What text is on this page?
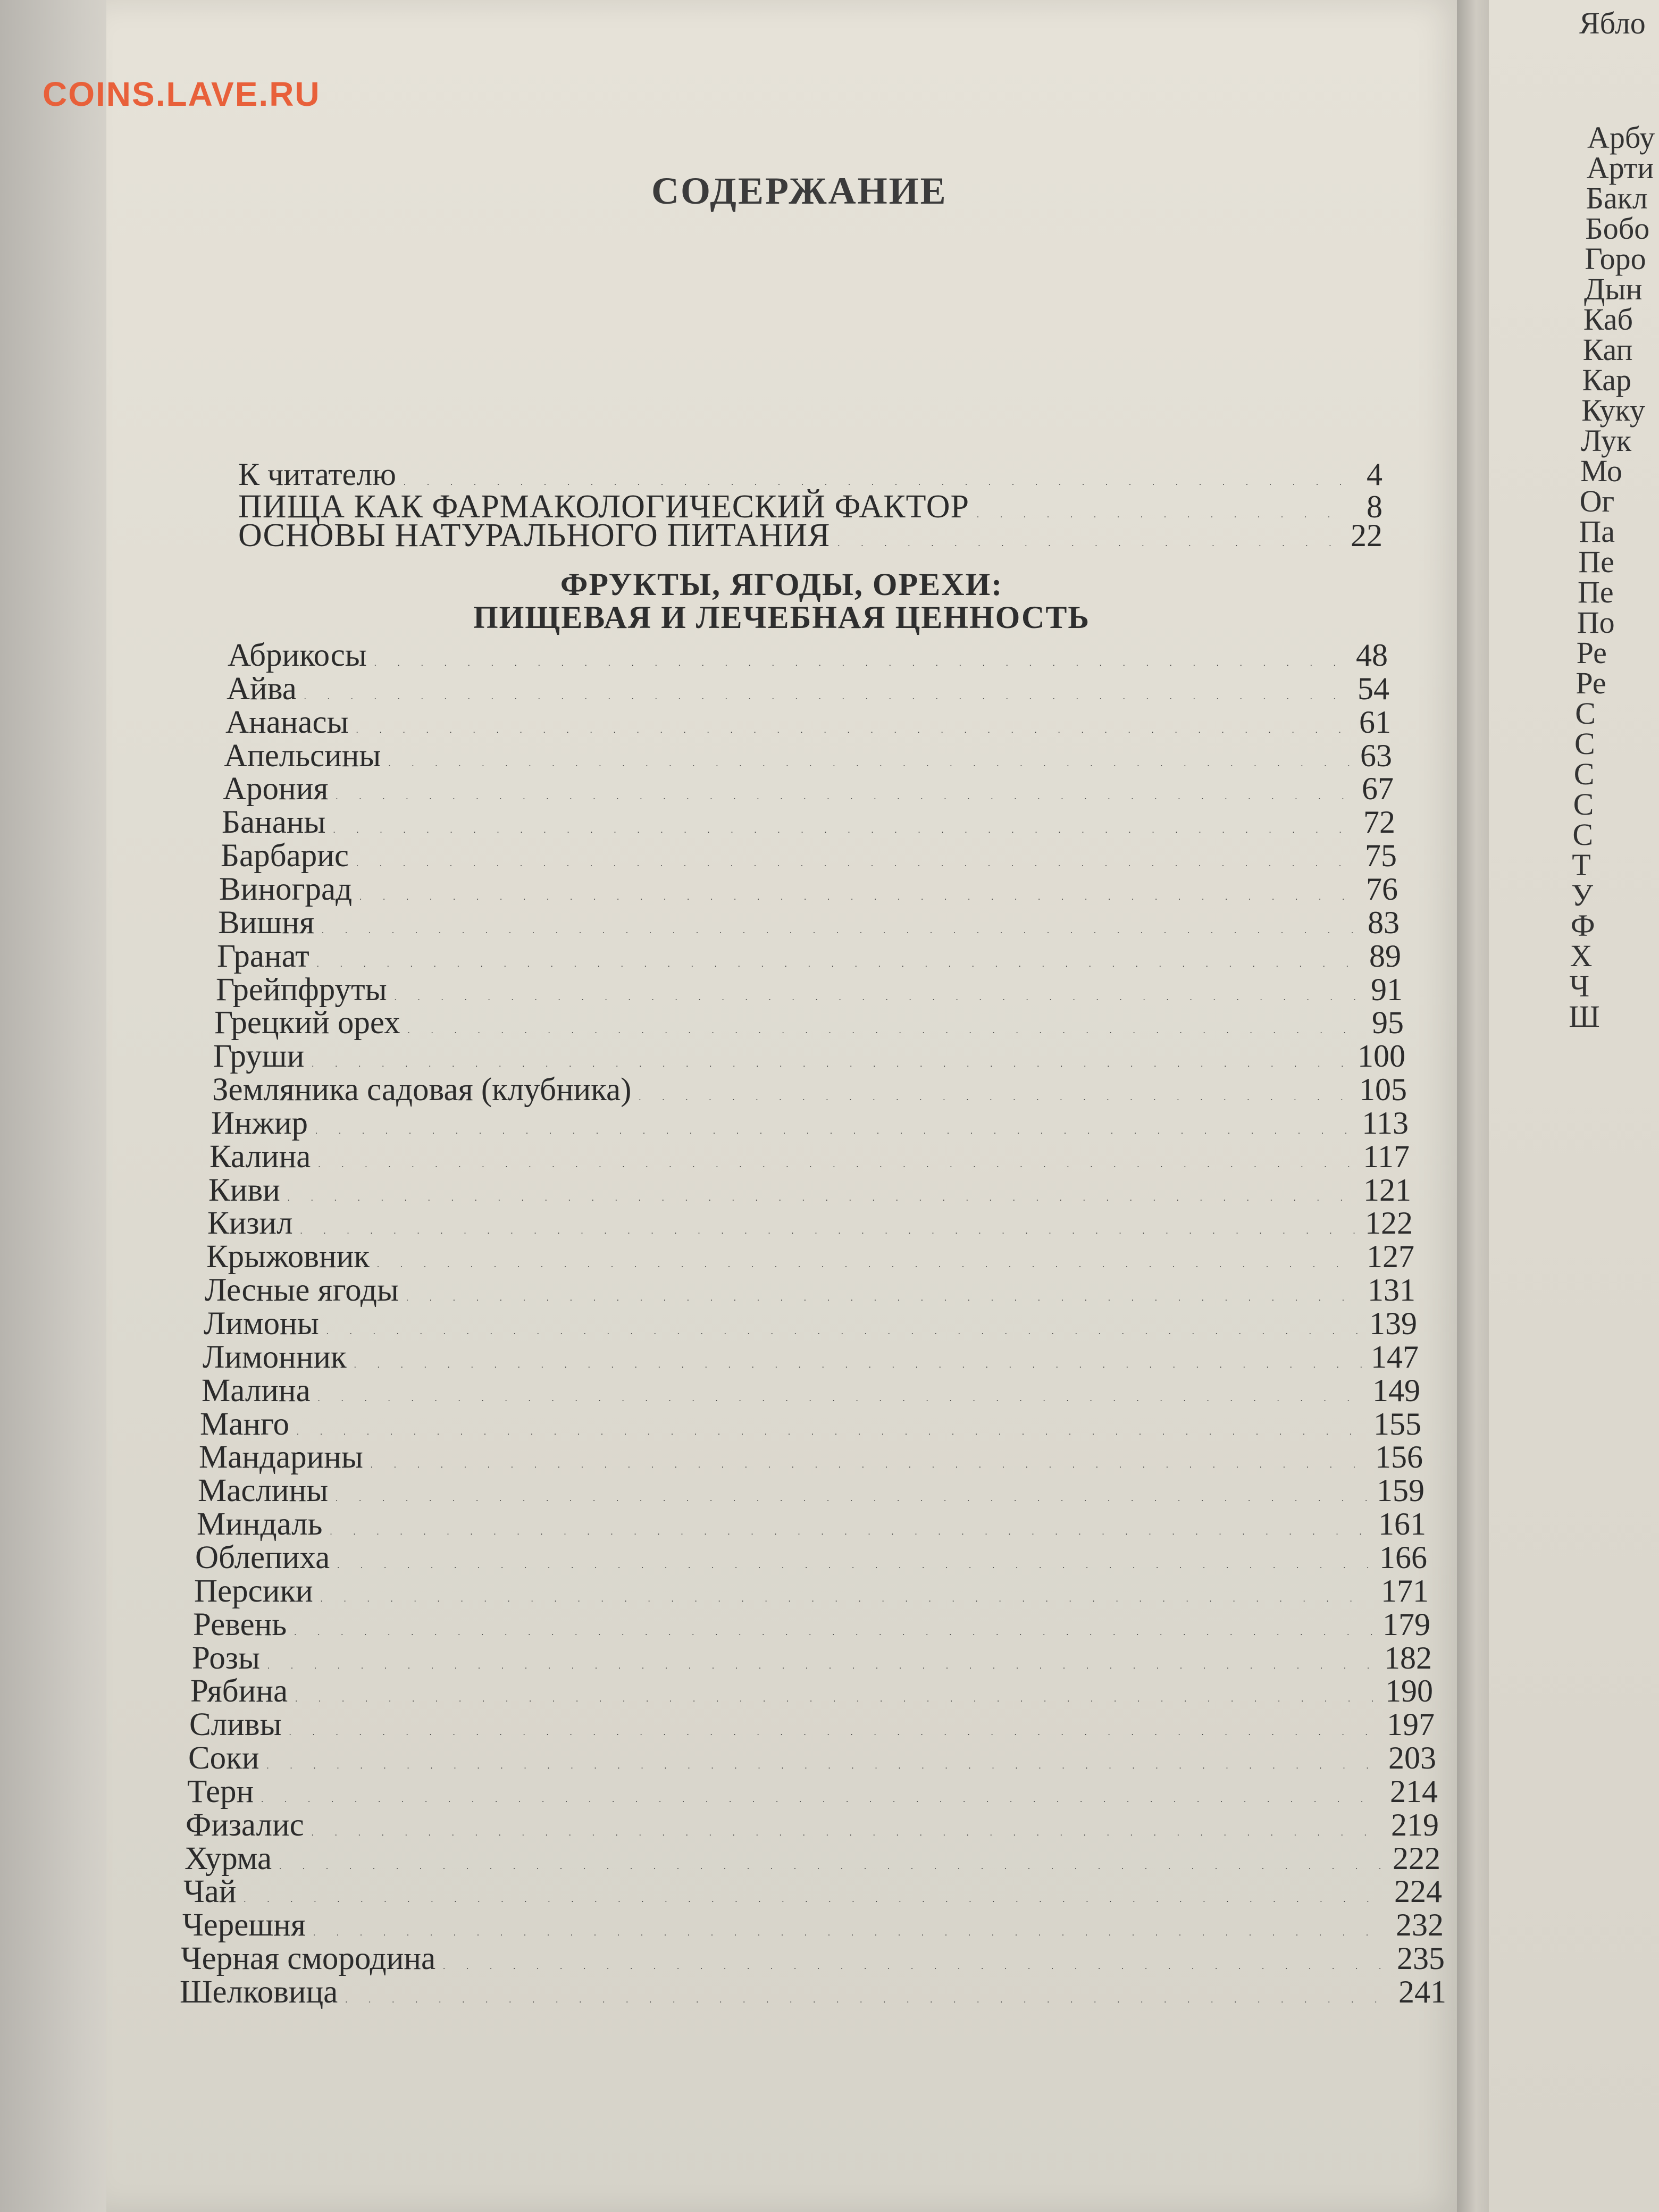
Ябло
Арбу
Арти
Бакл
Бобо
Горо
Дын
Каб
Кап
Кар
Куку
Лук
Мо
Ог
Па
Пе
Пе
По
Ре
Ре
С
С
С
С
С
Т
У
Ф
Х
Ч
Ш
COINS.LAVE.RU
СОДЕРЖАНИЕ
К читателю . . .	4
ПИЩА КАК ФАРМАКОЛОГИЧЕСКИЙ ФАКТОР . . .	8
ОСНОВЫ НАТУРАЛЬНОГО ПИТАНИЯ . . .	22
ФРУКТЫ, ЯГОДЫ, ОРЕХИ:
ПИЩЕВАЯ И ЛЕЧЕБНАЯ ЦЕННОСТЬ
Абрикосы . . .	48
Айва . . .	54
Ананасы . . .	61
Апельсины . . .	63
Арония . . .	67
Бананы . . .	72
Барбарис . . .	75
Виноград . . .	76
Вишня . . .	83
Гранат . . .	89
Грейпфруты . . .	91
Грецкий орех . . .	95
Груши . . .	100
Земляника садовая (клубника) . . .	105
Инжир . . .	113
Калина . . .	117
Киви . . .	121
Кизил . . .	122
Крыжовник . . .	127
Лесные ягоды . . .	131
Лимоны . . .	139
Лимонник . . .	147
Малина . . .	149
Манго . . .	155
Мандарины . . .	156
Маслины . . .	159
Миндаль . . .	161
Облепиха . . .	166
Персики . . .	171
Ревень . . .	179
Розы . . .	182
Рябина . . .	190
Сливы . . .	197
Соки . . .	203
Терн . . .	214
Физалис . . .	219
Хурма . . .	222
Чай . . .	224
Черешня . . .	232
Черная смородина . . .	235
Шелковица . . .	241
